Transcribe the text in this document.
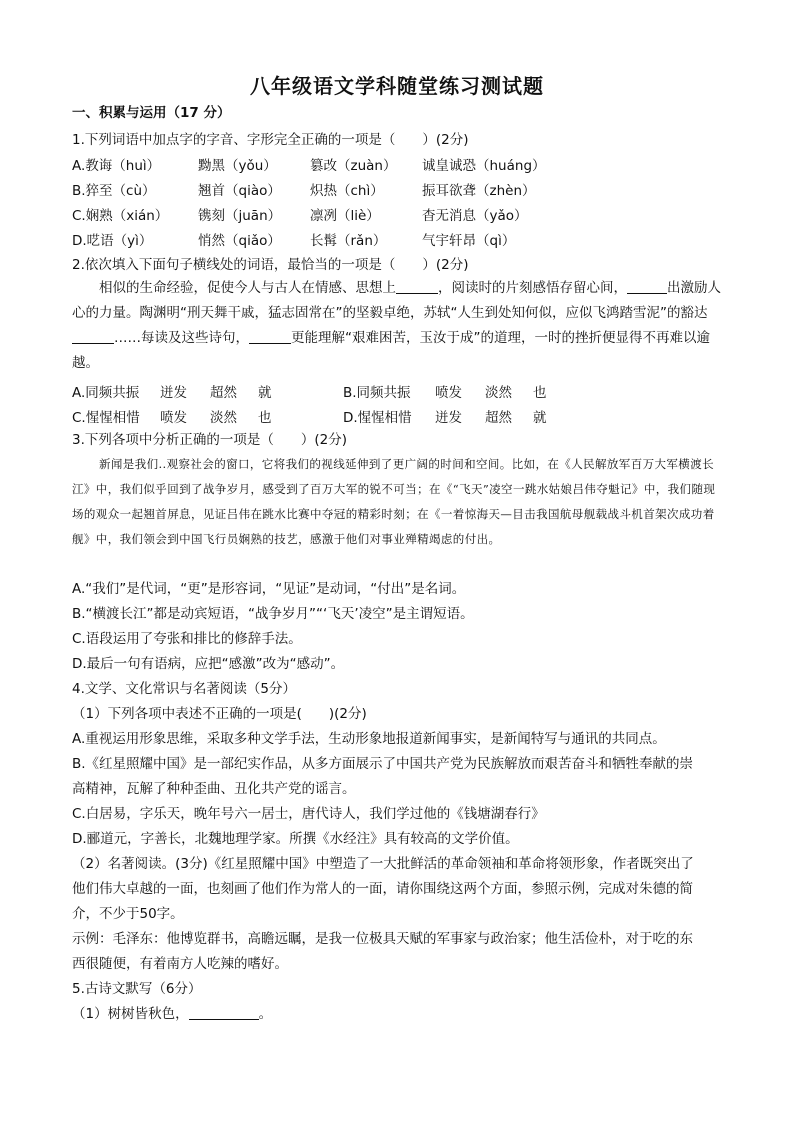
八年级语文学科随堂练习测试题
一、积累与运用（17 分）
1.下列词语中加点字的字音、字形完全正确的一项是（　　）(2分)
A.教诲（huì）	黝黑（yǒu） 篡改（zuàn） 诚皇诚恐（huáng）
B.猝至（cù）	翘首（qiào） 炽热（chì）	振耳欲聋（zhèn）
C.娴熟（xián） 镌刻（juān） 凛冽（liè）	杳无消息（yǎo）
D.呓语（yì）	悄然（qiǎo） 长髯（rǎn）	气宇轩昂（qì）
2.依次填入下面句子横线处的词语，最恰当的一项是（　　）(2分)
相似的生命经验，促使今人与古人在情感、思想上	，阅读时的片刻感悟存留心间，	出激励人心的力量。陶渊明“刑天舞干戚，猛志固常在”的坚毅卓绝，苏轼“人生到处知何似，应似飞鸿踏雪泥”的豁达……每读及这些诗句，	更能理解“艰难困苦，玉汝于成”的道理，一时的挫折便显得不再难以逾越。
A.同频共振 迸发 超然 就	B.同频共振 喷发 淡然 也
C.惺惺相惜 喷发 淡然 也	D.惺惺相惜 迸发 超然 就
3.下列各项中分析正确的一项是（　　）(2分)
新闻是我们..观察社会的窗口，它将我们的视线延伸到了更广阔的时间和空间。比如，在《人民解放军百万大军横渡长江》中，我们似乎回到了战争岁月，感受到了百万大军的锐不可当；在《“飞天”凌空一跳水姑娘吕伟夺魁记》中，我们随现场的观众一起翘首屏息，见证吕伟在跳水比赛中夺冠的精彩时刻；在《一着惊海天—目击我国航母舰载战斗机首架次成功着舰》中，我们领会到中国飞行员娴熟的技艺，感激于他们对事业殚精竭虑的付出。
A.“我们”是代词，“更”是形容词，“见证”是动词，“付出”是名词。
B.“横渡长江”都是动宾短语，“战争岁月”“‘飞天’凌空”是主谓短语。
C.语段运用了夸张和排比的修辞手法。
D.最后一句有语病，应把“感激”改为“感动”。
4.文学、文化常识与名著阅读（5分）
（1）下列各项中表述不正确的一项是(　　)(2分)
A.重视运用形象思维，采取多种文学手法，生动形象地报道新闻事实，是新闻特写与通讯的共同点。
B.《红星照耀中国》是一部纪实作品，从多方面展示了中国共产党为民族解放而艰苦奋斗和牺牲奉献的崇
高精神，瓦解了种种歪曲、丑化共产党的谣言。
C.白居易，字乐天，晚年号六一居士，唐代诗人，我们学过他的《钱塘湖春行》
D.郦道元，字善长，北魏地理学家。所撰《水经注》具有较高的文学价值。
（2）名著阅读。(3分)《红星照耀中国》中塑造了一大批鲜活的革命领袖和革命将领形象，作者既突出了
他们伟大卓越的一面，也刻画了他们作为常人的一面，请你围绕这两个方面，参照示例，完成对朱德的简
介，不少于50字。
示例：毛泽东：他博览群书，高瞻远瞩，是我一位极具天赋的军事家与政治家；他生活俭朴，对于吃的东
西很随便，有着南方人吃辣的嗜好。
5.古诗文默写（6分）
（1）树树皆秋色，	。
